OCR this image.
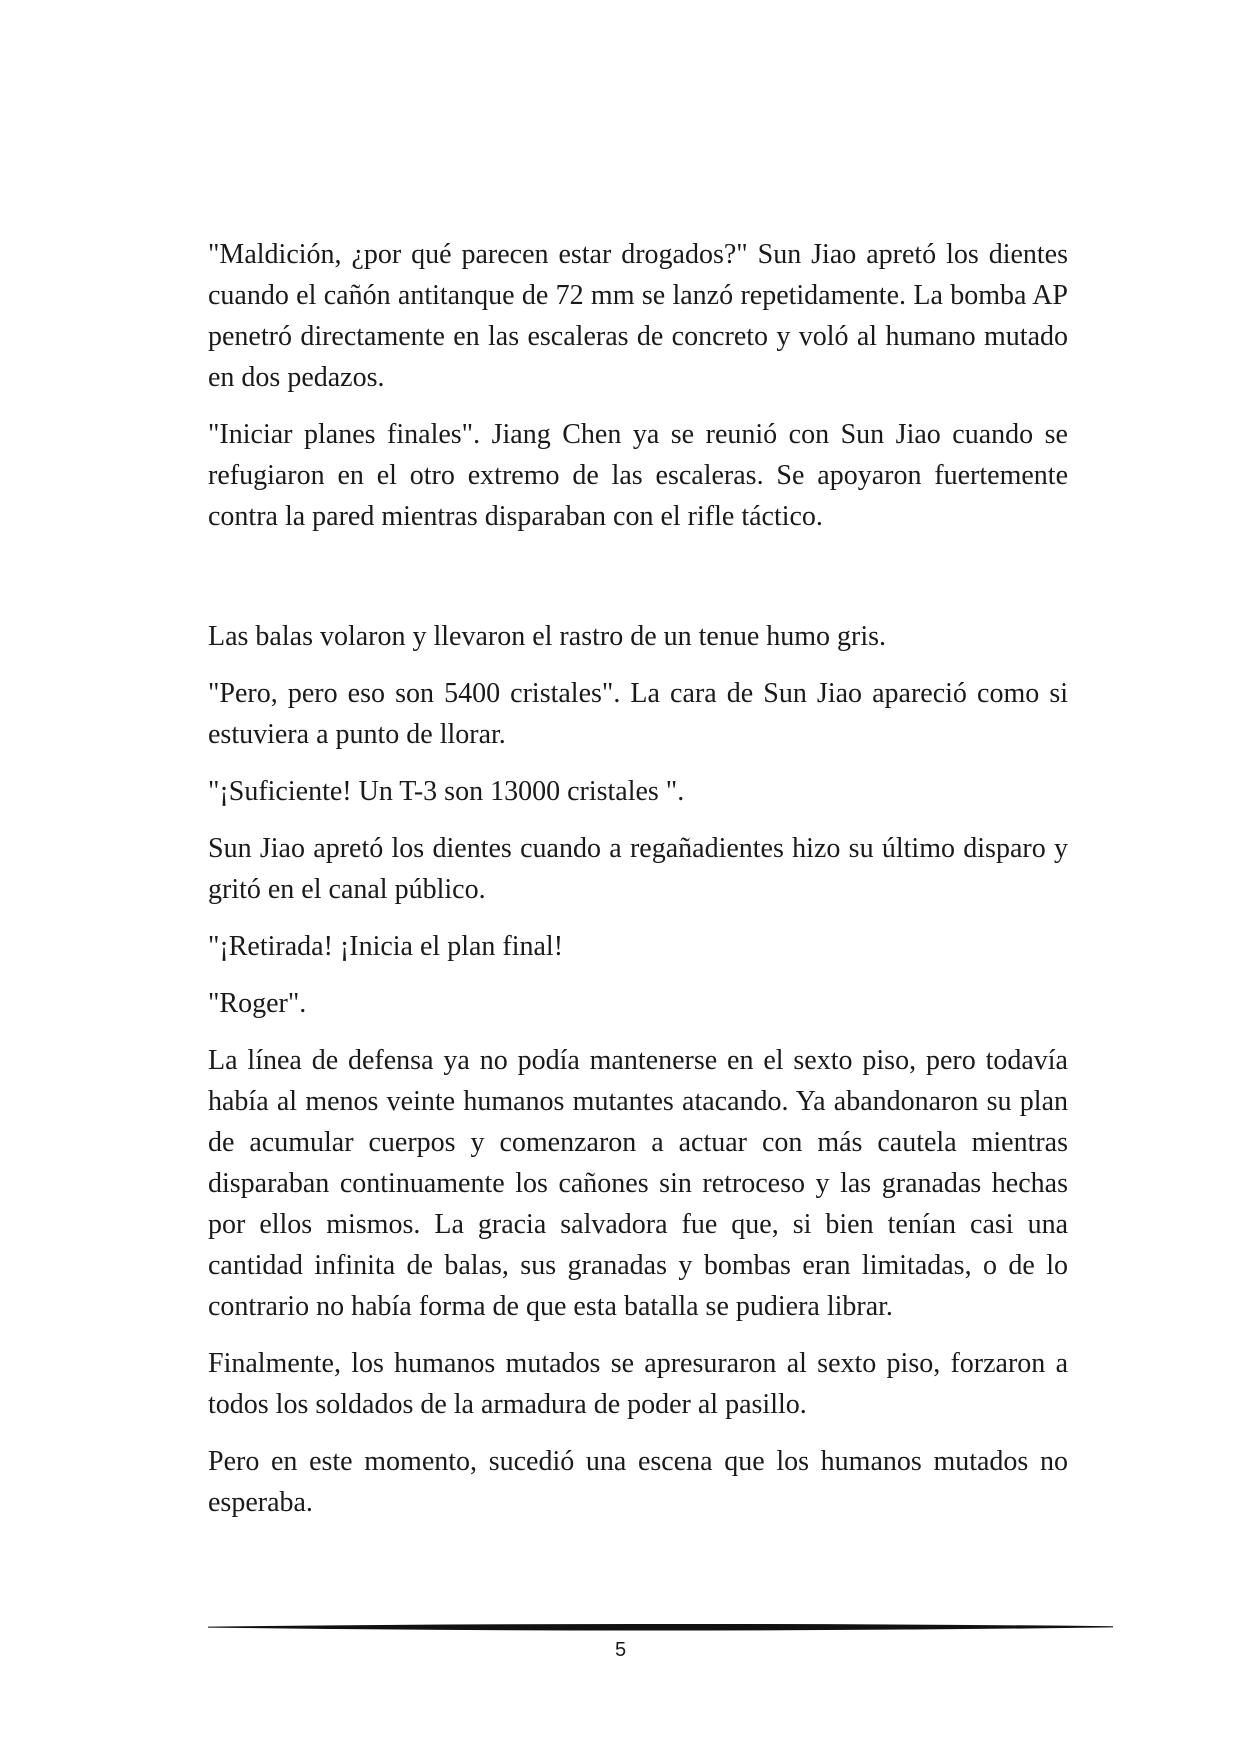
"Maldición, ¿por qué parecen estar drogados?" Sun Jiao apretó los dientes cuando el cañón antitanque de 72 mm se lanzó repetidamente. La bomba AP penetró directamente en las escaleras de concreto y voló al humano mutado en dos pedazos.

"Iniciar planes finales". Jiang Chen ya se reunió con Sun Jiao cuando se refugiaron en el otro extremo de las escaleras. Se apoyaron fuertemente contra la pared mientras disparaban con el rifle táctico.

Las balas volaron y llevaron el rastro de un tenue humo gris.

"Pero, pero eso son 5400 cristales". La cara de Sun Jiao apareció como si estuviera a punto de llorar.

"¡Suficiente! Un T-3 son 13000 cristales ".

Sun Jiao apretó los dientes cuando a regañadientes hizo su último disparo y gritó en el canal público.

"¡Retirada! ¡Inicia el plan final!

"Roger".

La línea de defensa ya no podía mantenerse en el sexto piso, pero todavía había al menos veinte humanos mutantes atacando. Ya abandonaron su plan de acumular cuerpos y comenzaron a actuar con más cautela mientras disparaban continuamente los cañones sin retroceso y las granadas hechas por ellos mismos. La gracia salvadora fue que, si bien tenían casi una cantidad infinita de balas, sus granadas y bombas eran limitadas, o de lo contrario no había forma de que esta batalla se pudiera librar.

Finalmente, los humanos mutados se apresuraron al sexto piso, forzaron a todos los soldados de la armadura de poder al pasillo.

Pero en este momento, sucedió una escena que los humanos mutados no esperaba.

5
